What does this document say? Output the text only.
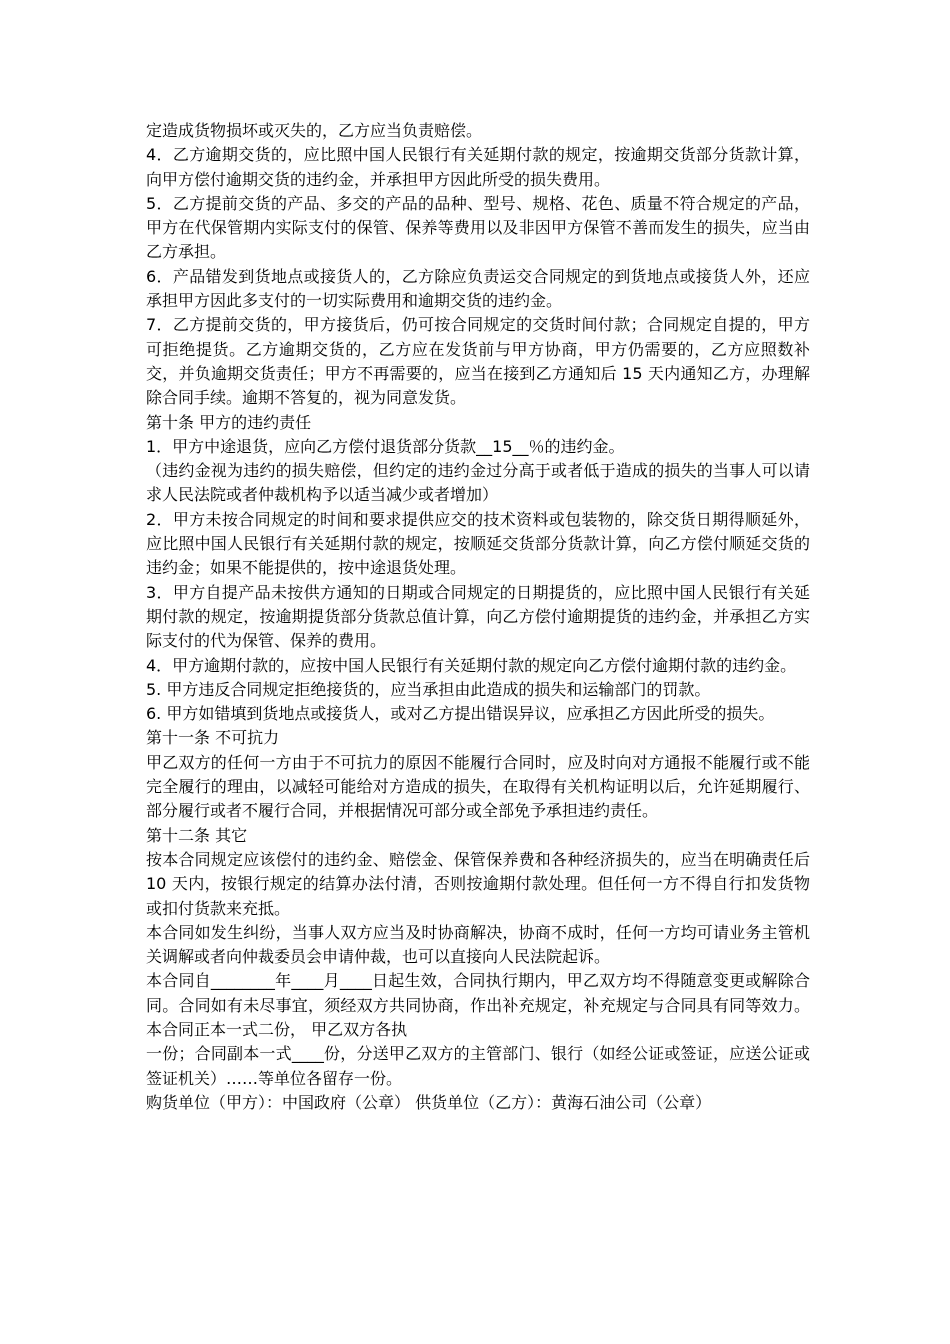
定造成货物损坏或灭失的，乙方应当负责赔偿。

4．乙方逾期交货的，应比照中国人民银行有关延期付款的规定，按逾期交货部分货款计算，向甲方偿付逾期交货的违约金，并承担甲方因此所受的损失费用。

5．乙方提前交货的产品、多交的产品的品种、型号、规格、花色、质量不符合规定的产品，甲方在代保管期内实际支付的保管、保养等费用以及非因甲方保管不善而发生的损失，应当由乙方承担。

6．产品错发到货地点或接货人的，乙方除应负责运交合同规定的到货地点或接货人外，还应承担甲方因此多支付的一切实际费用和逾期交货的违约金。

7．乙方提前交货的，甲方接货后，仍可按合同规定的交货时间付款；合同规定自提的，甲方可拒绝提货。乙方逾期交货的，乙方应在发货前与甲方协商，甲方仍需要的，乙方应照数补交，并负逾期交货责任；甲方不再需要的，应当在接到乙方通知后 15 天内通知乙方，办理解除合同手续。逾期不答复的，视为同意发货。

第十条 甲方的违约责任

1．甲方中途退货，应向乙方偿付退货部分货款__15__％的违约金。

（违约金视为违约的损失赔偿，但约定的违约金过分高于或者低于造成的损失的当事人可以请求人民法院或者仲裁机构予以适当减少或者增加）

2．甲方未按合同规定的时间和要求提供应交的技术资料或包装物的，除交货日期得顺延外，应比照中国人民银行有关延期付款的规定，按顺延交货部分货款计算，向乙方偿付顺延交货的违约金；如果不能提供的，按中途退货处理。

3．甲方自提产品未按供方通知的日期或合同规定的日期提货的，应比照中国人民银行有关延期付款的规定，按逾期提货部分货款总值计算，向乙方偿付逾期提货的违约金，并承担乙方实际支付的代为保管、保养的费用。

4．甲方逾期付款的，应按中国人民银行有关延期付款的规定向乙方偿付逾期付款的违约金。

5. 甲方违反合同规定拒绝接货的，应当承担由此造成的损失和运输部门的罚款。

6. 甲方如错填到货地点或接货人，或对乙方提出错误异议，应承担乙方因此所受的损失。

第十一条 不可抗力

甲乙双方的任何一方由于不可抗力的原因不能履行合同时，应及时向对方通报不能履行或不能完全履行的理由，以减轻可能给对方造成的损失，在取得有关机构证明以后，允许延期履行、部分履行或者不履行合同，并根据情况可部分或全部免予承担违约责任。

第十二条 其它

按本合同规定应该偿付的违约金、赔偿金、保管保养费和各种经济损失的，应当在明确责任后 10 天内，按银行规定的结算办法付清，否则按逾期付款处理。但任何一方不得自行扣发货物或扣付货款来充抵。

本合同如发生纠纷，当事人双方应当及时协商解决，协商不成时，任何一方均可请业务主管机关调解或者向仲裁委员会申请仲裁，也可以直接向人民法院起诉。

本合同自________年____月____日起生效，合同执行期内，甲乙双方均不得随意变更或解除合同。合同如有未尽事宜，须经双方共同协商，作出补充规定，补充规定与合同具有同等效力。本合同正本一式二份， 甲乙双方各执

一份；合同副本一式____份，分送甲乙双方的主管部门、银行（如经公证或签证，应送公证或签证机关）……等单位各留存一份。

购货单位（甲方）：中国政府（公章） 供货单位（乙方）：黄海石油公司（公章）
